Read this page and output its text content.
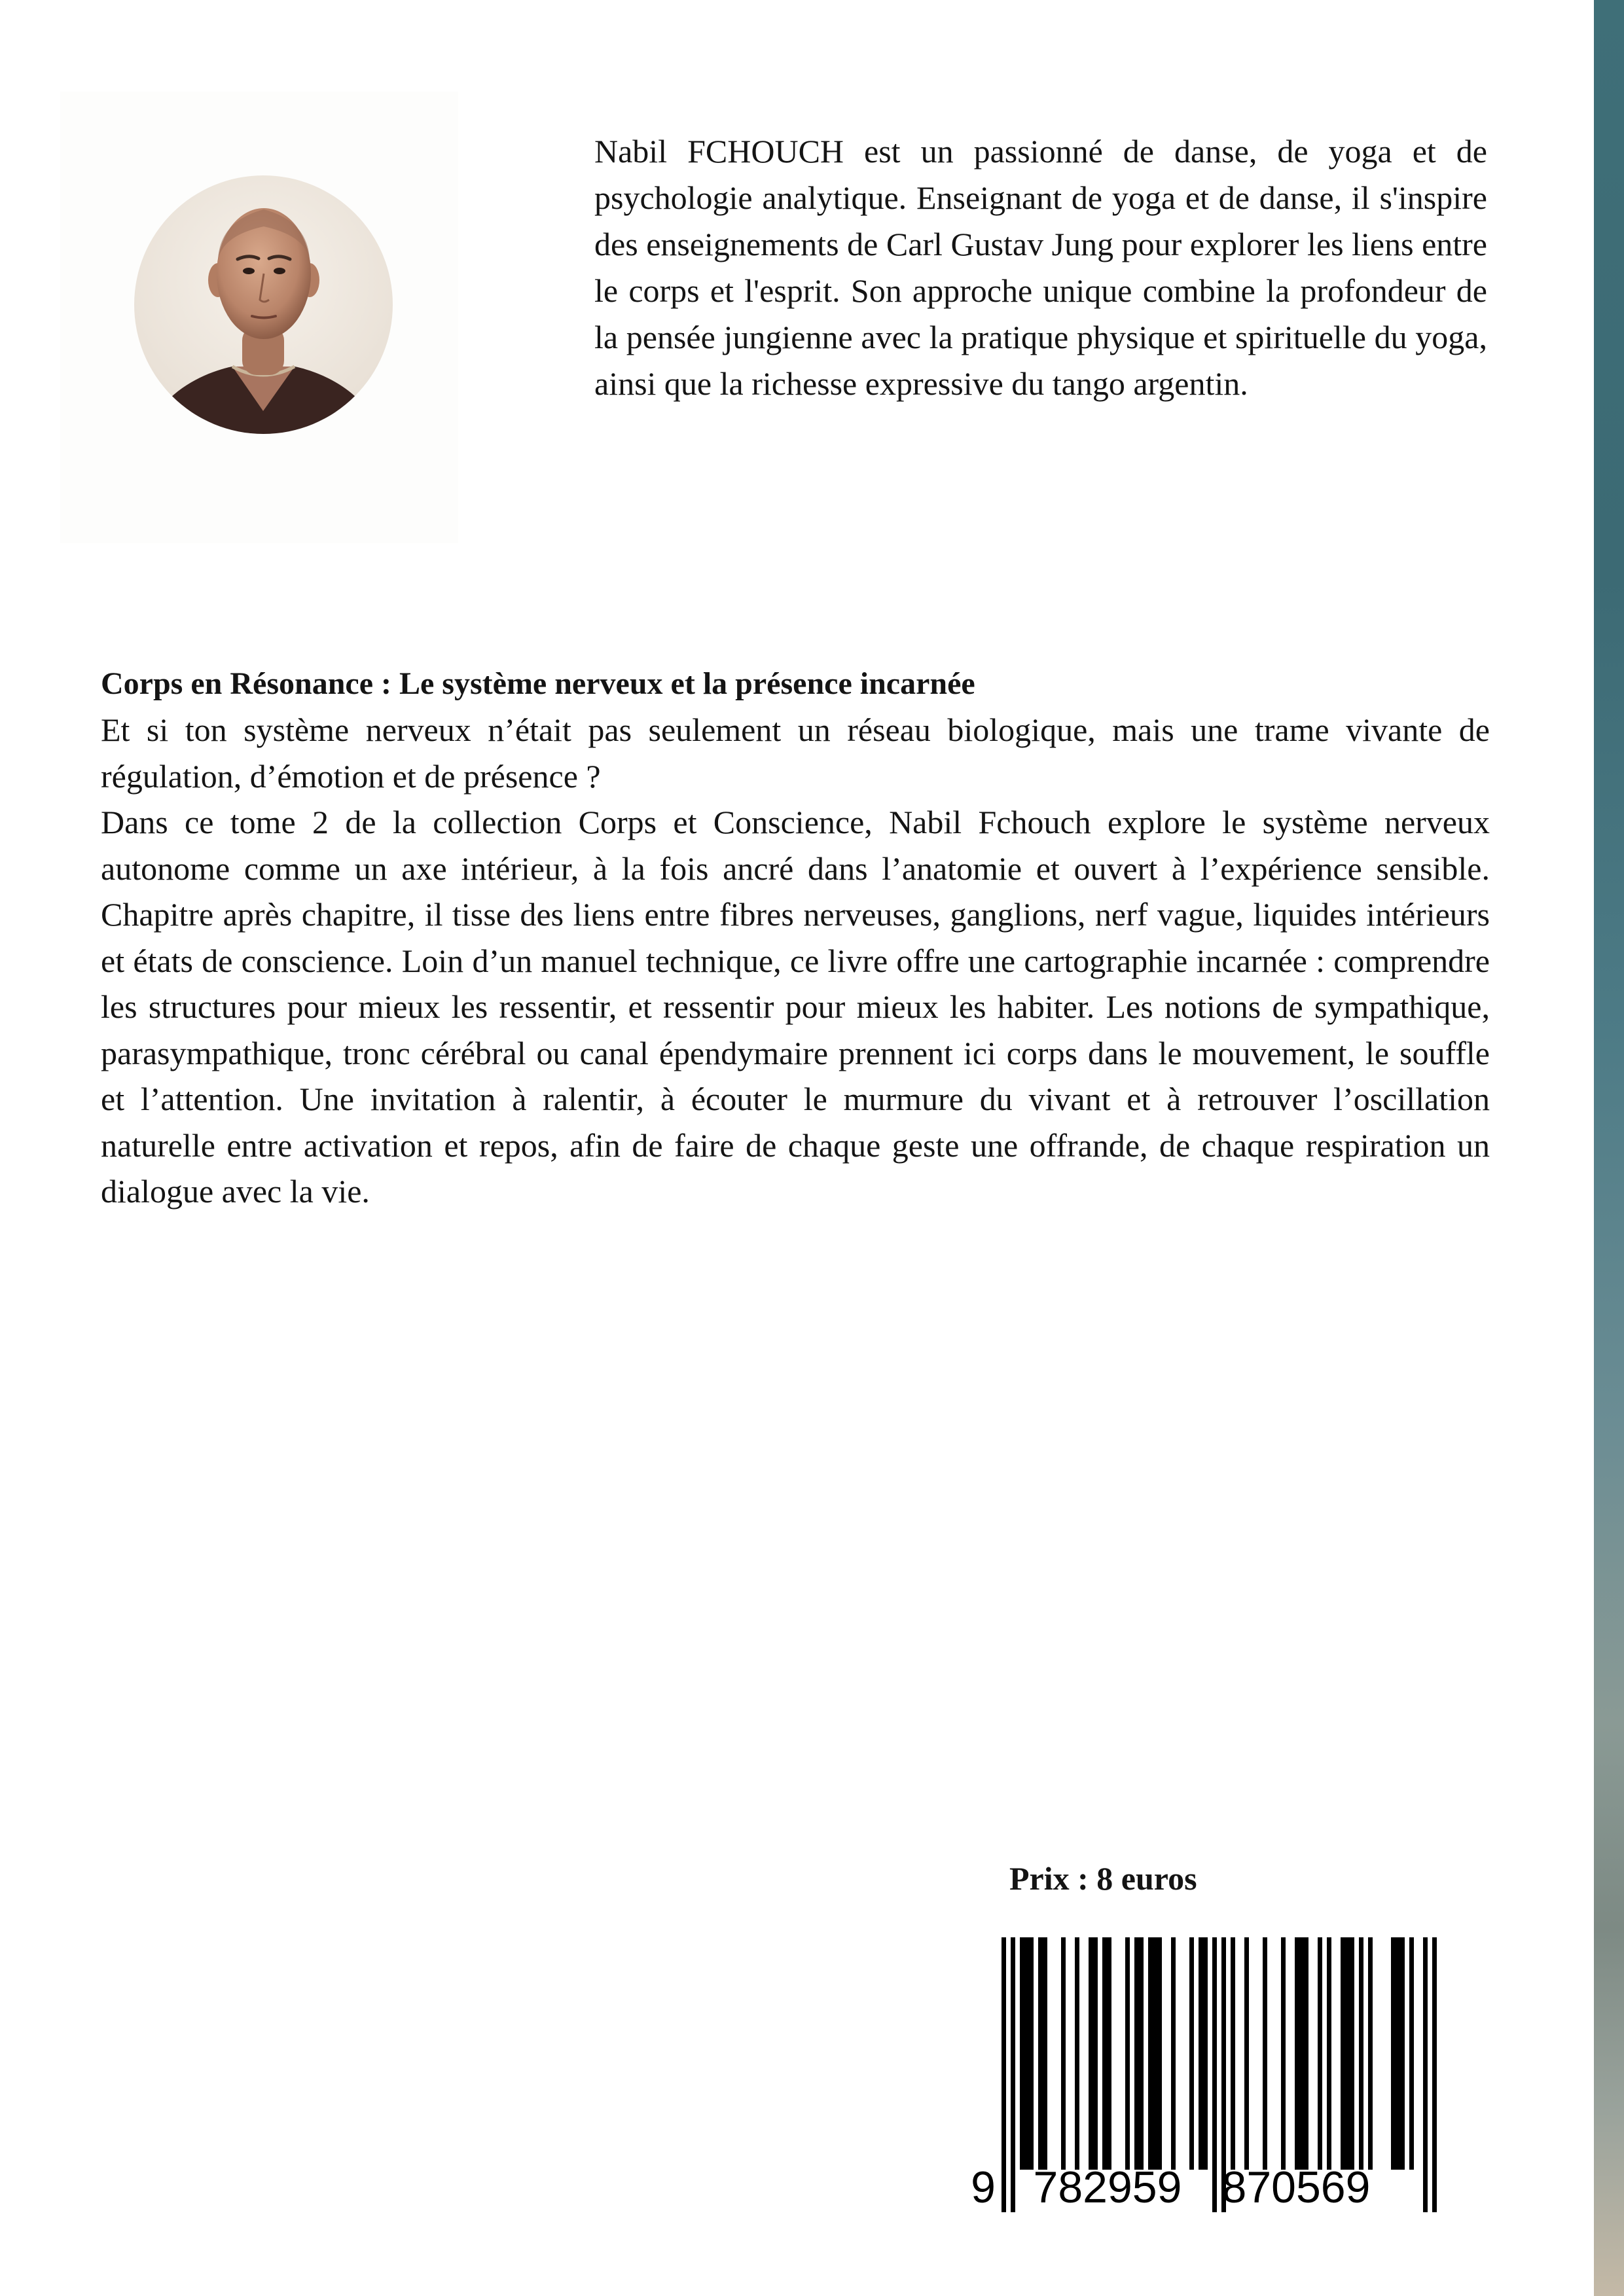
Nabil FCHOUCH est un passionné de danse, de yoga et de psychologie analytique. Enseignant de yoga et de danse, il s'inspire des enseignements de Carl Gustav Jung pour explorer les liens entre le corps et l'esprit. Son approche unique combine la profondeur de la pensée jungienne avec la pratique physique et spirituelle du yoga, ainsi que la richesse expressive du tango argentin.

Corps en Résonance : Le système nerveux et la présence incarnée

Et si ton système nerveux n’était pas seulement un réseau biologique, mais une trame vivante de régulation, d’émotion et de présence ?

Dans ce tome 2 de la collection Corps et Conscience, Nabil Fchouch explore le système nerveux autonome comme un axe intérieur, à la fois ancré dans l’anatomie et ouvert à l’expérience sensible. Chapitre après chapitre, il tisse des liens entre fibres nerveuses, ganglions, nerf vague, liquides intérieurs et états de conscience. Loin d’un manuel technique, ce livre offre une cartographie incarnée : comprendre les structures pour mieux les ressentir, et ressentir pour mieux les habiter. Les notions de sympathique, parasympathique, tronc cérébral ou canal épendymaire prennent ici corps dans le mouvement, le souffle et l’attention. Une invitation à ralentir, à écouter le murmure du vivant et à retrouver l’oscillation naturelle entre activation et repos, afin de faire de chaque geste une offrande, de chaque respiration un dialogue avec la vie.

Prix : 8 euros

9 782959 870569
